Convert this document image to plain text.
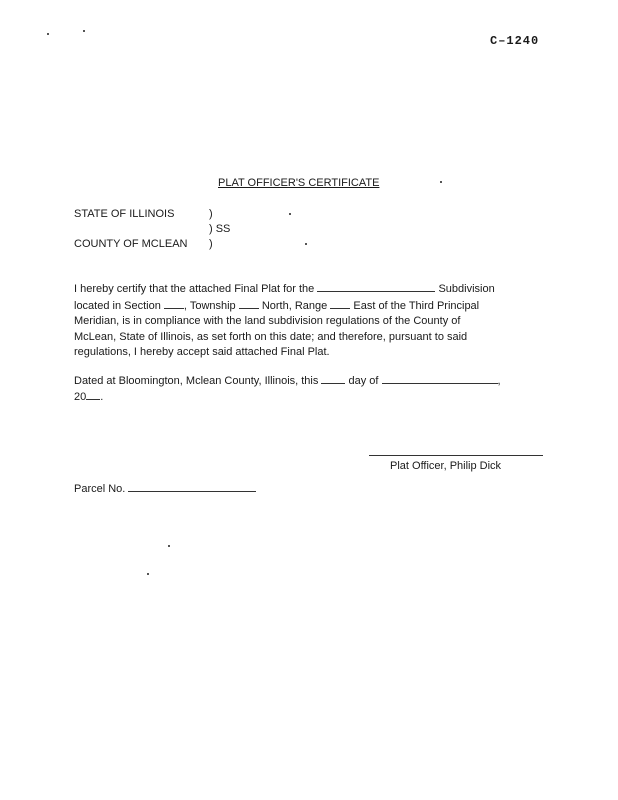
C–1240
PLAT OFFICER'S CERTIFICATE
STATE OF ILLINOIS	)
) SS
COUNTY OF MCLEAN )
I hereby certify that the attached Final Plat for the	Subdivision
located in Section , Township North, Range East of the Third Principal
Meridian, is in compliance with the land subdivision regulations of the County of
McLean, State of Illinois, as set forth on this date; and therefore, pursuant to said
regulations, I hereby accept said attached Final Plat.
Dated at Bloomington, Mclean County, Illinois, this	day of	,
20 .
Plat Officer, Philip Dick
Parcel No.
